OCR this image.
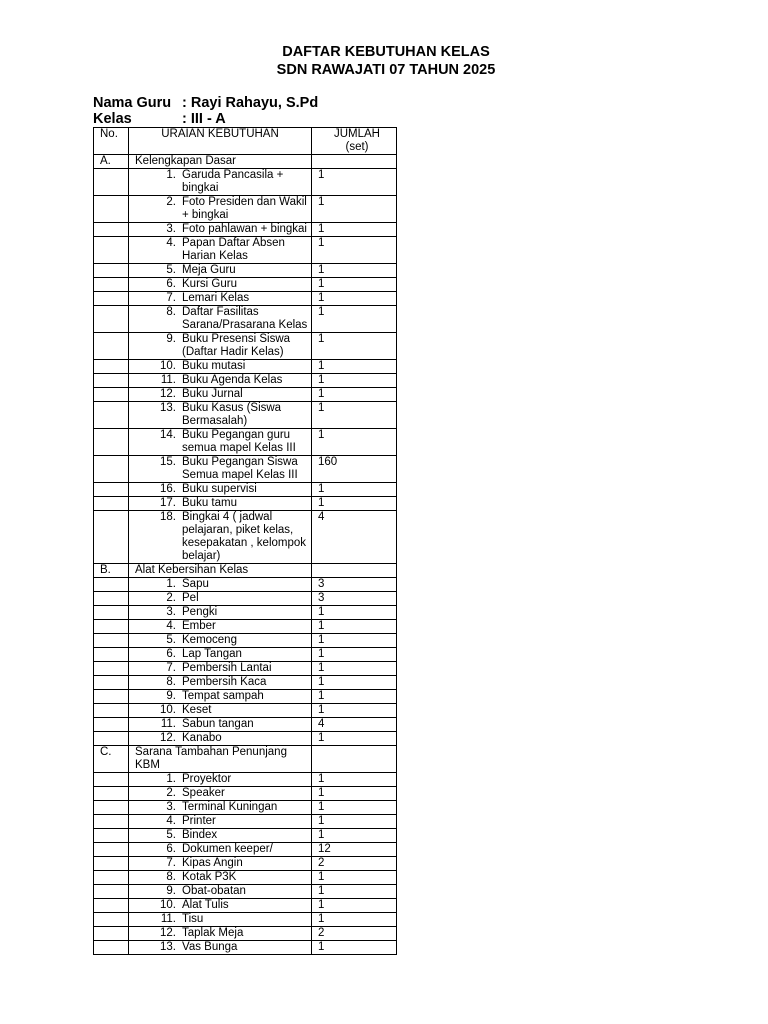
DAFTAR KEBUTUHAN KELAS
SDN RAWAJATI 07 TAHUN 2025
Nama Guru : Rayi Rahayu, S.Pd
Kelas	: III - A
No.	URAIAN KEBUTUHAN	JUMLAH (set)
A.	Kelengkapan Dasar	

	1. Garuda Pancasila + bingkai	1

	2. Foto Presiden dan Wakil + bingkai	1

	3. Foto pahlawan + bingkai	1

	4. Papan Daftar Absen Harian Kelas	1

	5. Meja Guru	1

	6. Kursi Guru	1

	7. Lemari Kelas	1

	8. Daftar Fasilitas Sarana/Prasarana Kelas	1

	9. Buku Presensi Siswa (Daftar Hadir Kelas)	1

	10. Buku mutasi	1

	11. Buku Agenda Kelas	1

	12. Buku Jurnal	1

	13. Buku Kasus (Siswa Bermasalah)	1

	14. Buku Pegangan guru semua mapel Kelas III	1

	15. Buku Pegangan Siswa Semua mapel Kelas III	160

	16. Buku supervisi	1

	17. Buku tamu	1

	18. Bingkai 4 ( jadwal pelajaran, piket kelas, kesepakatan , kelompok belajar)	4
B.	Alat Kebersihan Kelas	

	1. Sapu	3

	2. Pel	3

	3. Pengki	1

	4. Ember	1

	5. Kemoceng	1

	6. Lap Tangan	1

	7. Pembersih Lantai	1

	8. Pembersih Kaca	1

	9. Tempat sampah	1

	10. Keset	1

	11. Sabun tangan	4

	12. Kanabo	1
C.	Sarana Tambahan Penunjang KBM	

	1. Proyektor	1

	2. Speaker	1

	3. Terminal Kuningan	1

	4. Printer	1

	5. Bindex	1

	6. Dokumen keeper/	12

	7. Kipas Angin	2

	8. Kotak P3K	1

	9. Obat-obatan	1

	10. Alat Tulis	1

	11. Tisu	1

	12. Taplak Meja	2

	13. Vas Bunga	1
